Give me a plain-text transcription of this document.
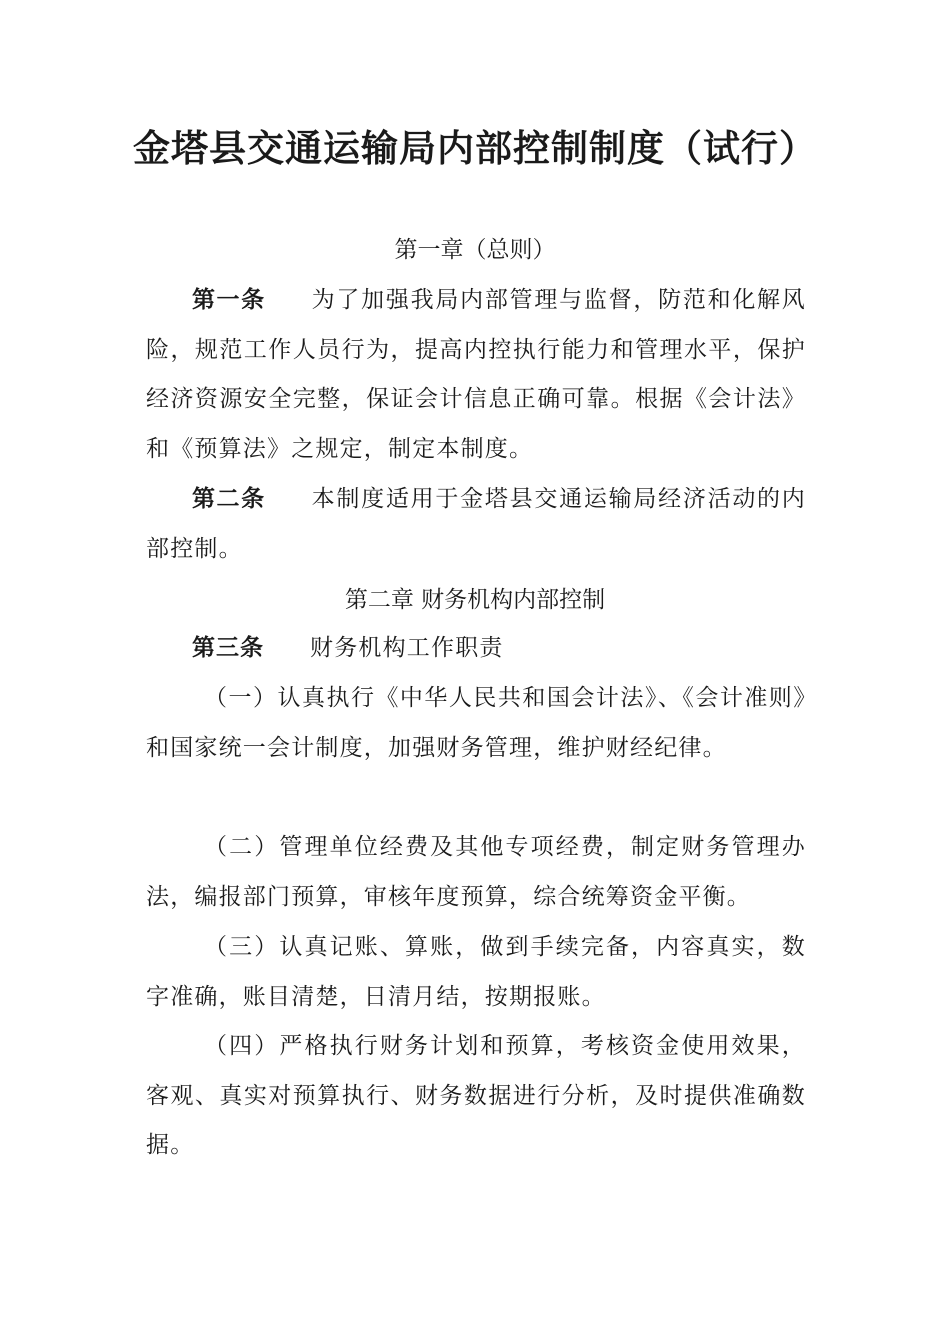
金塔县交通运输局内部控制制度（试行）
第一章（总则）

第一条 为了加强我局内部管理与监督，防范和化解风险，规范工作人员行为，提高内控执行能力和管理水平，保护经济资源安全完整，保证会计信息正确可靠。根据《会计法》和《预算法》之规定，制定本制度。

第二条 本制度适用于金塔县交通运输局经济活动的内部控制。

第二章 财务机构内部控制

第三条 财务机构工作职责

（一）认真执行《中华人民共和国会计法》、《会计准则》和国家统一会计制度，加强财务管理，维护财经纪律。

（二）管理单位经费及其他专项经费，制定财务管理办法，编报部门预算，审核年度预算，综合统筹资金平衡。

（三）认真记账、算账，做到手续完备，内容真实，数字准确，账目清楚，日清月结，按期报账。

（四）严格执行财务计划和预算，考核资金使用效果，客观、真实对预算执行、财务数据进行分析，及时提供准确数据。
